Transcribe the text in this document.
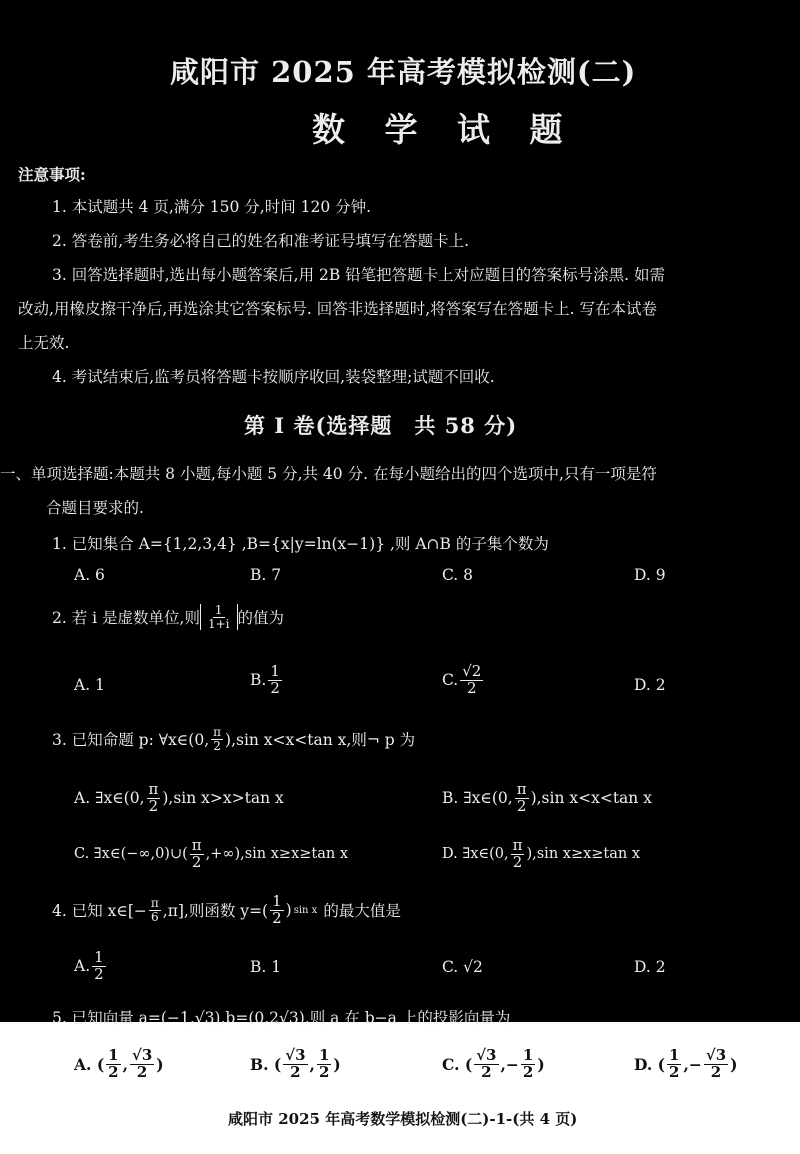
咸阳市 2025 年高考模拟检测(二)
数 学 试 题
注意事项:
1. 本试题共 4 页,满分 150 分,时间 120 分钟.
2. 答卷前,考生务必将自己的姓名和准考证号填写在答题卡上.
3. 回答选择题时,选出每小题答案后,用 2B 铅笔把答题卡上对应题目的答案标号涂黑. 如需
改动,用橡皮擦干净后,再选涂其它答案标号. 回答非选择题时,将答案写在答题卡上. 写在本试卷
上无效.
4. 考试结束后,监考员将答题卡按顺序收回,装袋整理;试题不回收.
第 Ⅰ 卷(选择题　共 58 分)
一、单项选择题:本题共 8 小题,每小题 5 分,共 40 分. 在每小题给出的四个选项中,只有一项是符
合题目要求的.
1. 已知集合 A={1,2,3,4} ,B={x|y=ln(x−1)} ,则 A∩B 的子集个数为
A. 6	B. 7	C. 8	D. 9
2. 若 i 是虚数单位,则 $\frac{1}{1+i}$ 的值为
A. 1	B. $\frac{1}{2}$	C. $\frac{√2}{2}$	D. 2
3. 已知命题 p: ∀x∈(0, $\frac{\pi}{2} ),\sin$ x<x<tan x,则¬ p 为
A. ∃x∈(0, $\frac{\pi}{2} ),\sin$ x>x>tan x	B. ∃x∈(0, $\frac{\pi}{2} ),\sin$ x<x<tan x
C. ∃x∈(−∞,0)∪( $\frac{\pi}{2} ,+\infty),\sin$ x≥x≥tan x	D. ∃x∈(0, $\frac{\pi}{2} ),\sin$ x≥x≥tan x
4. 已知 x∈[− $\frac{\pi}{6} ,\pi$],则函数 $y=( \frac{1}{2}$ ) sin x 的最大值是
A. $\frac{1}{2}$	B. 1	C. √2	D. 2
5. 已知向量 a=(−1,√3),b=(0,2√3),则 a 在 b−a 上的投影向量为
A. ( $\frac{1}{2}$ , $\frac{√3}{2}$ )	B. ( $\frac{√3}{2}$ , $\frac{1}{2}$ )	C. ( $\frac{√3}{2}$ ,− $\frac{1}{2}$ )	D. ( $\frac{1}{2}$ ,− $\frac{√3}{2}$ )
咸阳市 2025 年高考数学模拟检测(二)-1-(共 4 页)
